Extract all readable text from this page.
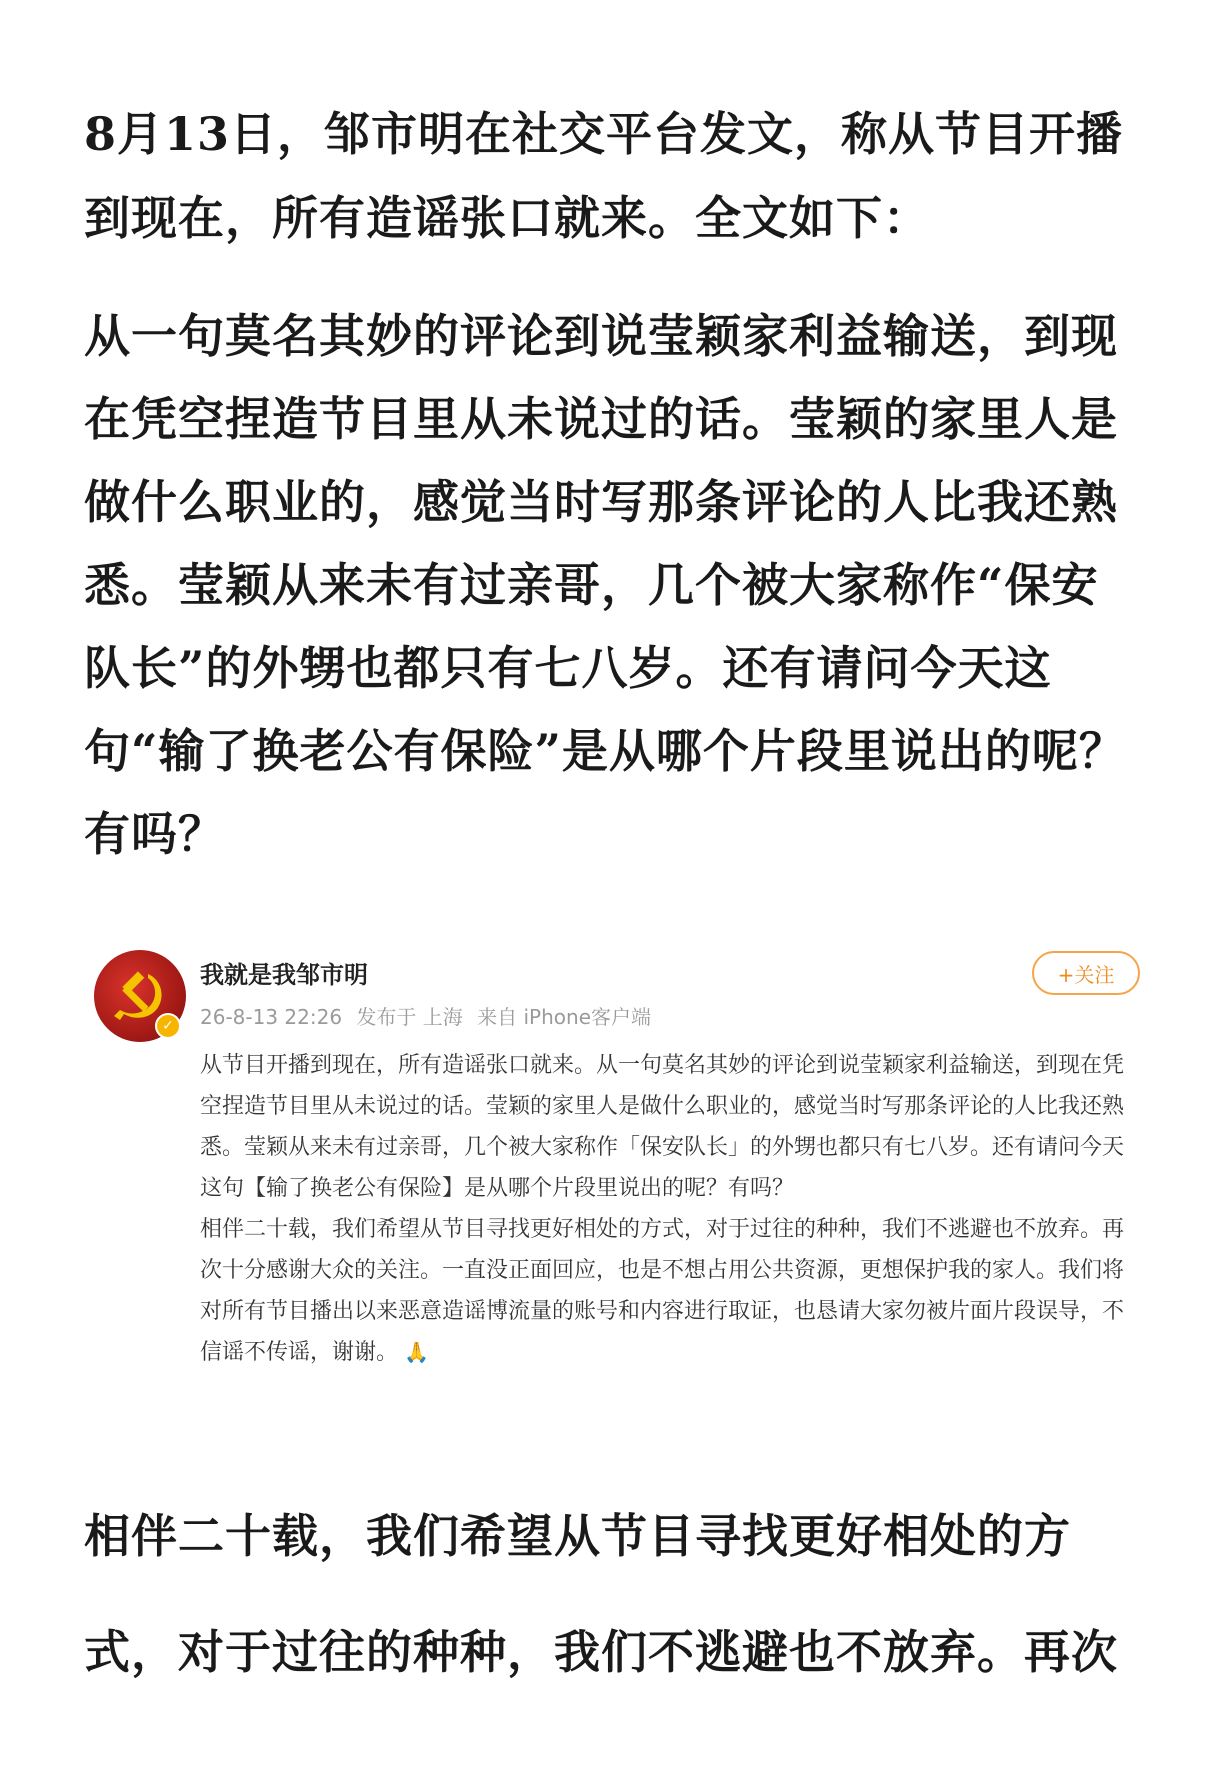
8月13日，邹市明在社交平台发文，称从节目开播到现在，所有造谣张口就来。全文如下：

从一句莫名其妙的评论到说莹颖家利益输送，到现在凭空捏造节目里从未说过的话。莹颖的家里人是做什么职业的，感觉当时写那条评论的人比我还熟悉。莹颖从来未有过亲哥，几个被大家称作“保安队长”的外甥也都只有七八岁。还有请问今天这句“输了换老公有保险”是从哪个片段里说出的呢？有吗？

✓
我就是我邹市明
26-8-13 22:26 发布于 上海 来自 iPhone客户端
+关注
从节目开播到现在，所有造谣张口就来。从一句莫名其妙的评论到说莹颖家利益输送，到现在凭空捏造节目里从未说过的话。莹颖的家里人是做什么职业的，感觉当时写那条评论的人比我还熟悉。莹颖从来未有过亲哥，几个被大家称作「保安队长」的外甥也都只有七八岁。还有请问今天这句【输了换老公有保险】是从哪个片段里说出的呢？有吗？
相伴二十载，我们希望从节目寻找更好相处的方式，对于过往的种种，我们不逃避也不放弃。再次十分感谢大众的关注。一直没正面回应，也是不想占用公共资源，更想保护我的家人。我们将对所有节目播出以来恶意造谣博流量的账号和内容进行取证，也恳请大家勿被片面片段误导，不信谣不传谣，谢谢。 🙏

相伴二十载，我们希望从节目寻找更好相处的方式，对于过往的种种，我们不逃避也不放弃。再次
